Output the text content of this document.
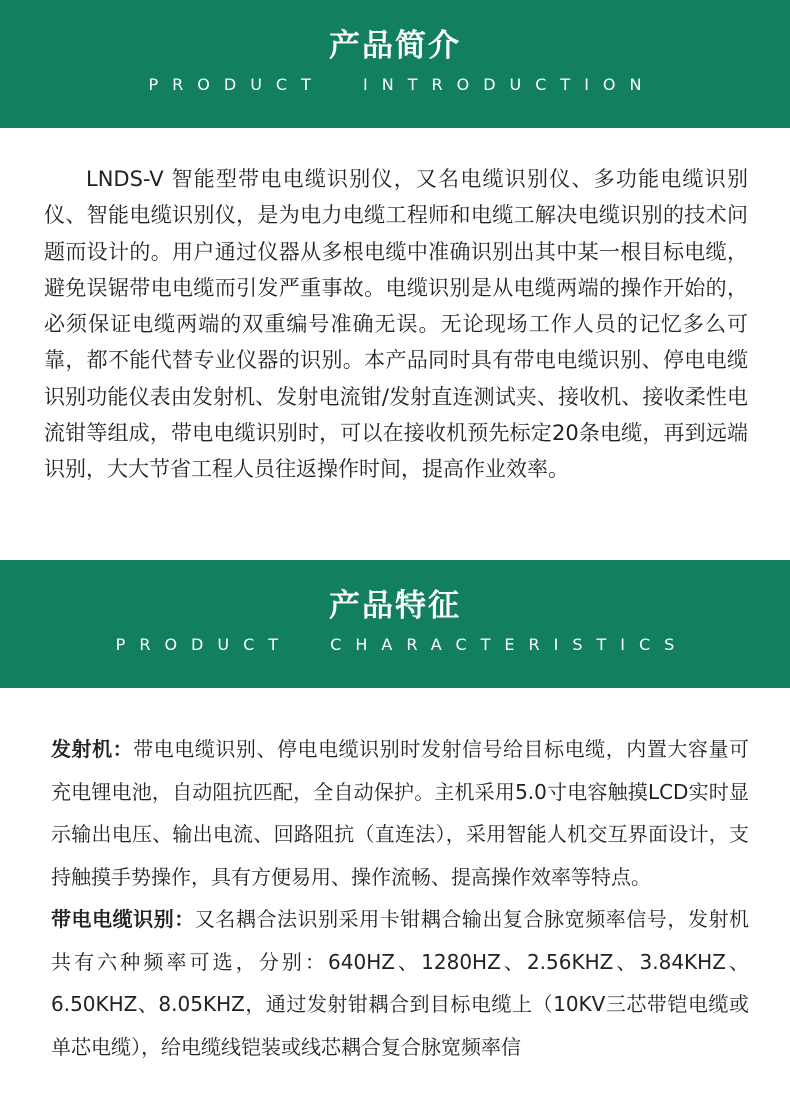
产品简介
PRODUCT  INTRODUCTION

LNDS-V 智能型带电电缆识别仪，又名电缆识别仪、多功能电缆识别仪、智能电缆识别仪，是为电力电缆工程师和电缆工解决电缆识别的技术问题而设计的。用户通过仪器从多根电缆中准确识别出其中某一根目标电缆，避免误锯带电电缆而引发严重事故。电缆识别是从电缆两端的操作开始的，必须保证电缆两端的双重编号准确无误。无论现场工作人员的记忆多么可靠，都不能代替专业仪器的识别。本产品同时具有带电电缆识别、停电电缆识别功能仪表由发射机、发射电流钳/发射直连测试夹、接收机、接收柔性电流钳等组成，带电电缆识别时，可以在接收机预先标定20条电缆，再到远端识别，大大节省工程人员往返操作时间，提高作业效率。

产品特征
PRODUCT  CHARACTERISTICS

发射机：带电电缆识别、停电电缆识别时发射信号给目标电缆，内置大容量可充电锂电池，自动阻抗匹配，全自动保护。主机采用5.0寸电容触摸LCD实时显示输出电压、输出电流、回路阻抗（直连法），采用智能人机交互界面设计，支持触摸手势操作，具有方便易用、操作流畅、提高操作效率等特点。

带电电缆识别：又名耦合法识别采用卡钳耦合输出复合脉宽频率信号，发射机共有六种频率可选，分别：640HZ、1280HZ、2.56KHZ、3.84KHZ、6.50KHZ、8.05KHZ，通过发射钳耦合到目标电缆上（10KV三芯带铠电缆或单芯电缆），给电缆线铠装或线芯耦合复合脉宽频率信
